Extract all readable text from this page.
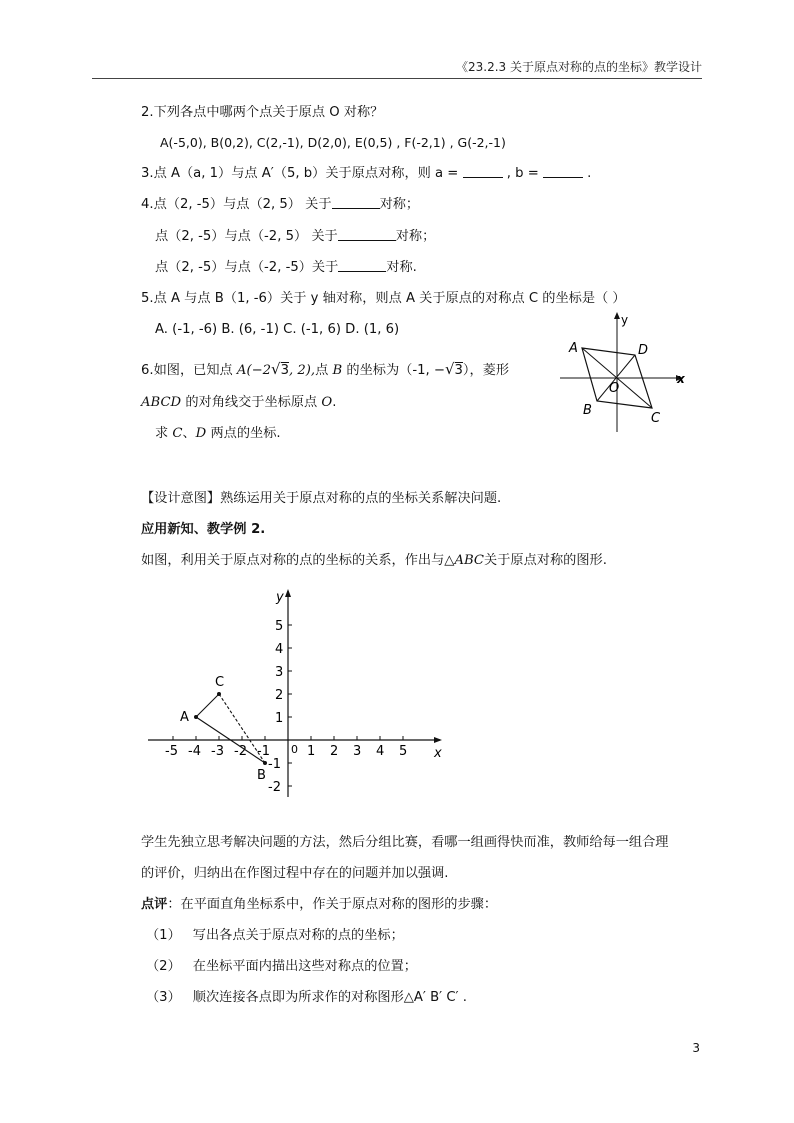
《23.2.3 关于原点对称的点的坐标》教学设计
2.下列各点中哪两个点关于原点 O 对称？
A(-5,0), B(0,2), C(2,-1), D(2,0), E(0,5) , F(-2,1) , G(-2,-1)
3.点 A（a, 1）与点 A′（5, b）关于原点对称，则 a =	, b =	.
4.点（2, -5）与点（2, 5） 关于	对称；
点（2, -5）与点（-2, 5） 关于	对称；
点（2, -5）与点（-2, -5）关于	对称.
5.点 A 与点 B（1, -6）关于 y 轴对称，则点 A 关于原点的对称点 C 的坐标是（ ）
A. (-1, -6) B. (6, -1) C. (-1, 6) D. (1, 6)
6.如图，已知点 A(−2√3, 2),点 B 的坐标为（-1, −√3），菱形
ABCD 的对角线交于坐标原点 O.
求 C、D 两点的坐标.
y
x
A	D
O
B
C
【设计意图】熟练运用关于原点对称的点的坐标关系解决问题.
应用新知、教学例 2.
如图，利用关于原点对称的点的坐标的关系，作出与△ABC关于原点对称的图形.
x
y
0
-5 -4 -3 -2 -1	1 2 3 4 5
5
4
3
2
1
-1
-2
A
B
C
学生先独立思考解决问题的方法，然后分组比赛，看哪一组画得快而准，教师给每一组合理
的评价，归纳出在作图过程中存在的问题并加以强调.
点评：在平面直角坐标系中，作关于原点对称的图形的步骤：
（1） 写出各点关于原点对称的点的坐标；
（2） 在坐标平面内描出这些对称点的位置；
（3） 顺次连接各点即为所求作的对称图形△A′ B′ C′ .
3
